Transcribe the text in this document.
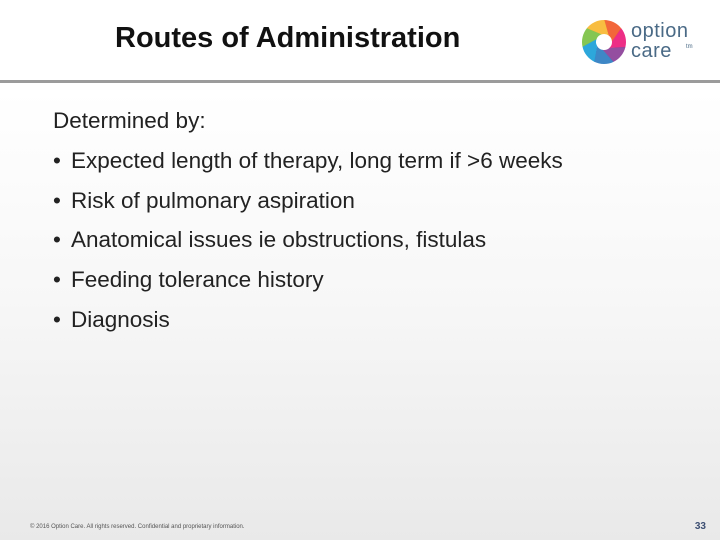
Routes of Administration	option
care	tm
Determined by:
• Expected length of therapy, long term if >6 weeks
• Risk of pulmonary aspiration
• Anatomical issues ie obstructions, fistulas
• Feeding tolerance history
• Diagnosis
© 2016 Option Care. All rights reserved. Confidential and proprietary information.	33
